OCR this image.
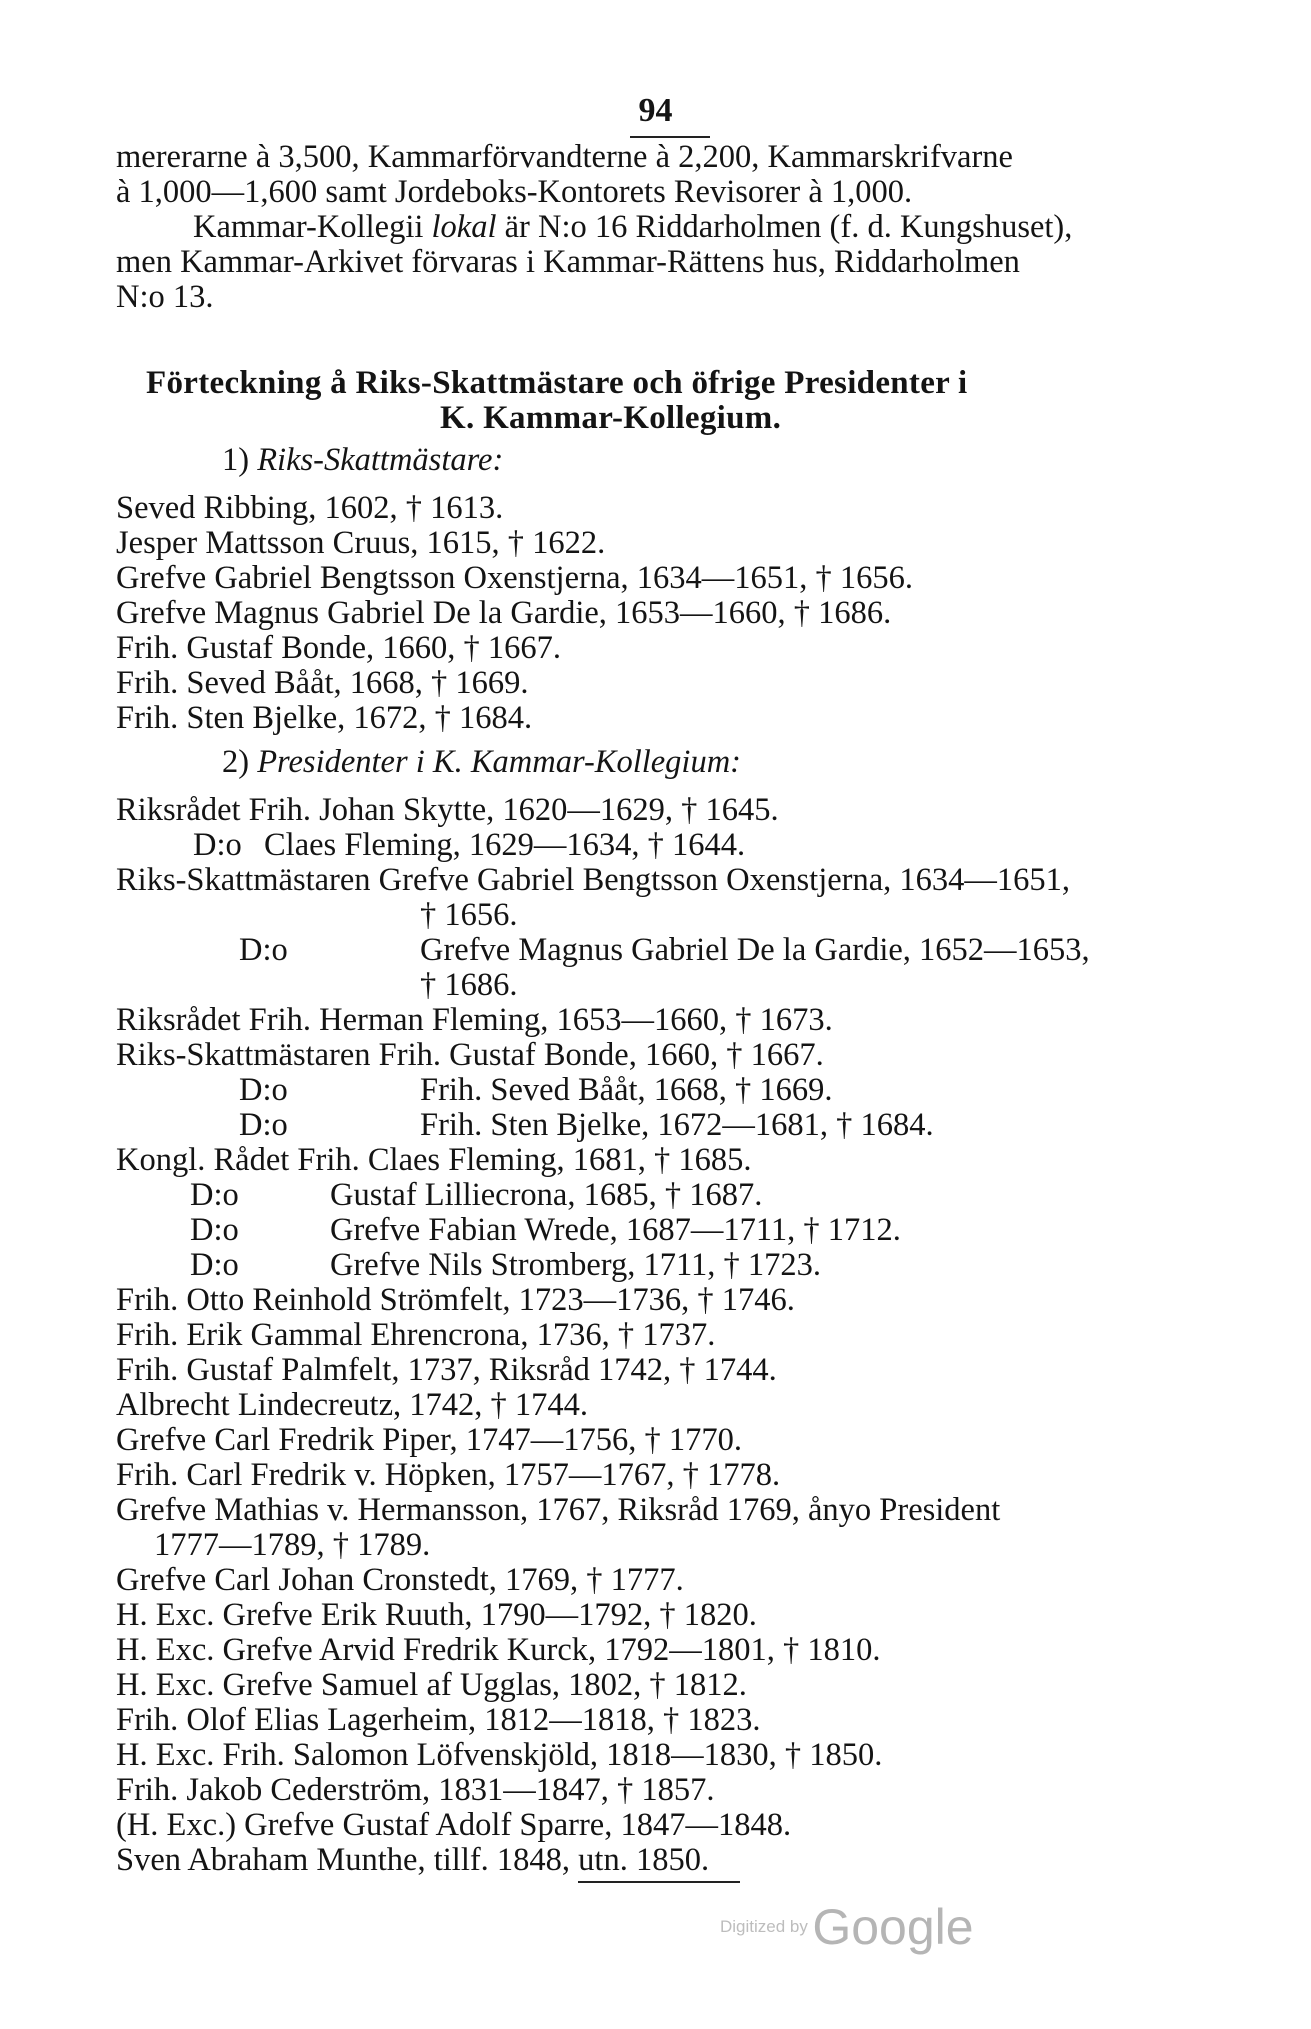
94
mererarne à 3,500, Kammarförvandterne à 2,200, Kammarskrifvarne
à 1,000—1,600 samt Jordeboks-Kontorets Revisorer à 1,000.
Kammar-Kollegii lokal är N:o 16 Riddarholmen (f. d. Kungshuset),
men Kammar-Arkivet förvaras i Kammar-Rättens hus, Riddarholmen
N:o 13.
Förteckning å Riks-Skattmästare och öfrige Presidenter i
K. Kammar-Kollegium.
1) Riks-Skattmästare:
Seved Ribbing, 1602, † 1613.
Jesper Mattsson Cruus, 1615, † 1622.
Grefve Gabriel Bengtsson Oxenstjerna, 1634—1651, † 1656.
Grefve Magnus Gabriel De la Gardie, 1653—1660, † 1686.
Frih. Gustaf Bonde, 1660, † 1667.
Frih. Seved Bååt, 1668, † 1669.
Frih. Sten Bjelke, 1672, † 1684.
2) Presidenter i K. Kammar-Kollegium:
Riksrådet Frih. Johan Skytte, 1620—1629, † 1645.
D:o Claes Fleming, 1629—1634, † 1644.
Riks-Skattmästaren Grefve Gabriel Bengtsson Oxenstjerna, 1634—1651,
† 1656.
D:o	Grefve Magnus Gabriel De la Gardie, 1652—1653,
† 1686.
Riksrådet Frih. Herman Fleming, 1653—1660, † 1673.
Riks-Skattmästaren Frih. Gustaf Bonde, 1660, † 1667.
D:o	Frih. Seved Bååt, 1668, † 1669.
D:o	Frih. Sten Bjelke, 1672—1681, † 1684.
Kongl. Rådet Frih. Claes Fleming, 1681, † 1685.
D:o	Gustaf Lilliecrona, 1685, † 1687.
D:o	Grefve Fabian Wrede, 1687—1711, † 1712.
D:o	Grefve Nils Stromberg, 1711, † 1723.
Frih. Otto Reinhold Strömfelt, 1723—1736, † 1746.
Frih. Erik Gammal Ehrencrona, 1736, † 1737.
Frih. Gustaf Palmfelt, 1737, Riksråd 1742, † 1744.
Albrecht Lindecreutz, 1742, † 1744.
Grefve Carl Fredrik Piper, 1747—1756, † 1770.
Frih. Carl Fredrik v. Höpken, 1757—1767, † 1778.
Grefve Mathias v. Hermansson, 1767, Riksråd 1769, ånyo President
1777—1789, † 1789.
Grefve Carl Johan Cronstedt, 1769, † 1777.
H. Exc. Grefve Erik Ruuth, 1790—1792, † 1820.
H. Exc. Grefve Arvid Fredrik Kurck, 1792—1801, † 1810.
H. Exc. Grefve Samuel af Ugglas, 1802, † 1812.
Frih. Olof Elias Lagerheim, 1812—1818, † 1823.
H. Exc. Frih. Salomon Löfvenskjöld, 1818—1830, † 1850.
Frih. Jakob Cederström, 1831—1847, † 1857.
(H. Exc.) Grefve Gustaf Adolf Sparre, 1847—1848.
Sven Abraham Munthe, tillf. 1848, utn. 1850.
Digitized by Google
